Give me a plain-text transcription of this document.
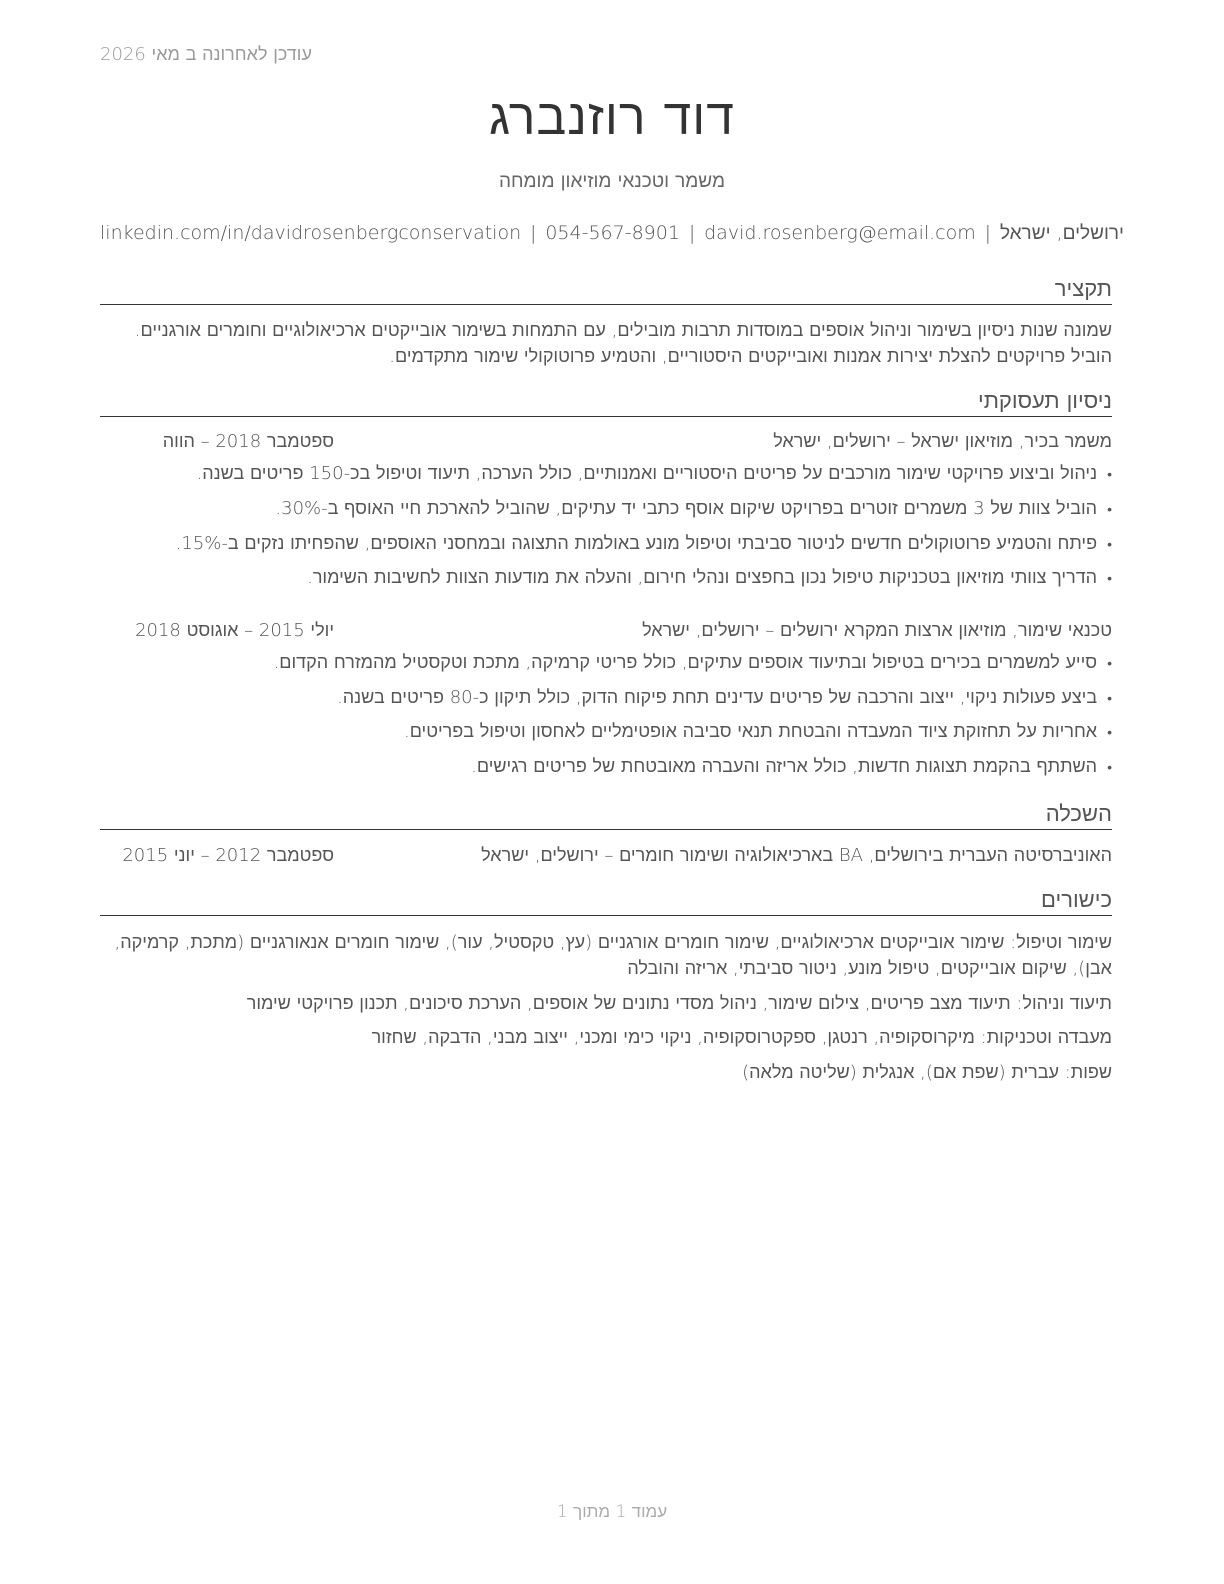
עודכן לאחרונה ב מאי 2026
דוד רוזנברג
משמר וטכנאי מוזיאון מומחה
ירושלים, ישראל
|
david.rosenberg@email.com
|
054-567-8901
|
linkedin.com/in/davidrosenbergconservation
תקציר
שמונה שנות ניסיון בשימור וניהול אוספים במוסדות תרבות מובילים, עם התמחות בשימור אובייקטים ארכיאולוגיים וחומרים אורגניים. הוביל פרויקטים להצלת יצירות אמנות ואובייקטים היסטוריים, והטמיע פרוטוקולי שימור מתקדמים.
ניסיון תעסוקתי
משמר בכיר, מוזיאון ישראל – ירושלים, ישראל
ספטמבר 2018 – הווה
• ניהול וביצוע פרויקטי שימור מורכבים על פריטים היסטוריים ואמנותיים, כולל הערכה, תיעוד וטיפול בכ-150 פריטים בשנה.
• הוביל צוות של 3 משמרים זוטרים בפרויקט שיקום אוסף כתבי יד עתיקים, שהוביל להארכת חיי האוסף ב-30%.
• פיתח והטמיע פרוטוקולים חדשים לניטור סביבתי וטיפול מונע באולמות התצוגה ובמחסני האוספים, שהפחיתו נזקים ב-15%.
• הדריך צוותי מוזיאון בטכניקות טיפול נכון בחפצים ונהלי חירום, והעלה את מודעות הצוות לחשיבות השימור.
טכנאי שימור, מוזיאון ארצות המקרא ירושלים – ירושלים, ישראל
יולי 2015 – אוגוסט 2018
• סייע למשמרים בכירים בטיפול ובתיעוד אוספים עתיקים, כולל פריטי קרמיקה, מתכת וטקסטיל מהמזרח הקדום.
• ביצע פעולות ניקוי, ייצוב והרכבה של פריטים עדינים תחת פיקוח הדוק, כולל תיקון כ-80 פריטים בשנה.
• אחריות על תחזוקת ציוד המעבדה והבטחת תנאי סביבה אופטימליים לאחסון וטיפול בפריטים.
• השתתף בהקמת תצוגות חדשות, כולל אריזה והעברה מאובטחת של פריטים רגישים.
השכלה
האוניברסיטה העברית בירושלים, BA בארכיאולוגיה ושימור חומרים – ירושלים, ישראל
ספטמבר 2012 – יוני 2015
כישורים
שימור וטיפול: שימור אובייקטים ארכיאולוגיים, שימור חומרים אורגניים (עץ, טקסטיל, עור), שימור חומרים אנאורגניים (מתכת, קרמיקה, אבן), שיקום אובייקטים, טיפול מונע, ניטור סביבתי, אריזה והובלה
תיעוד וניהול: תיעוד מצב פריטים, צילום שימור, ניהול מסדי נתונים של אוספים, הערכת סיכונים, תכנון פרויקטי שימור
מעבדה וטכניקות: מיקרוסקופיה, רנטגן, ספקטרוסקופיה, ניקוי כימי ומכני, ייצוב מבני, הדבקה, שחזור
שפות: עברית (שפת אם), אנגלית (שליטה מלאה)
עמוד 1 מתוך 1
